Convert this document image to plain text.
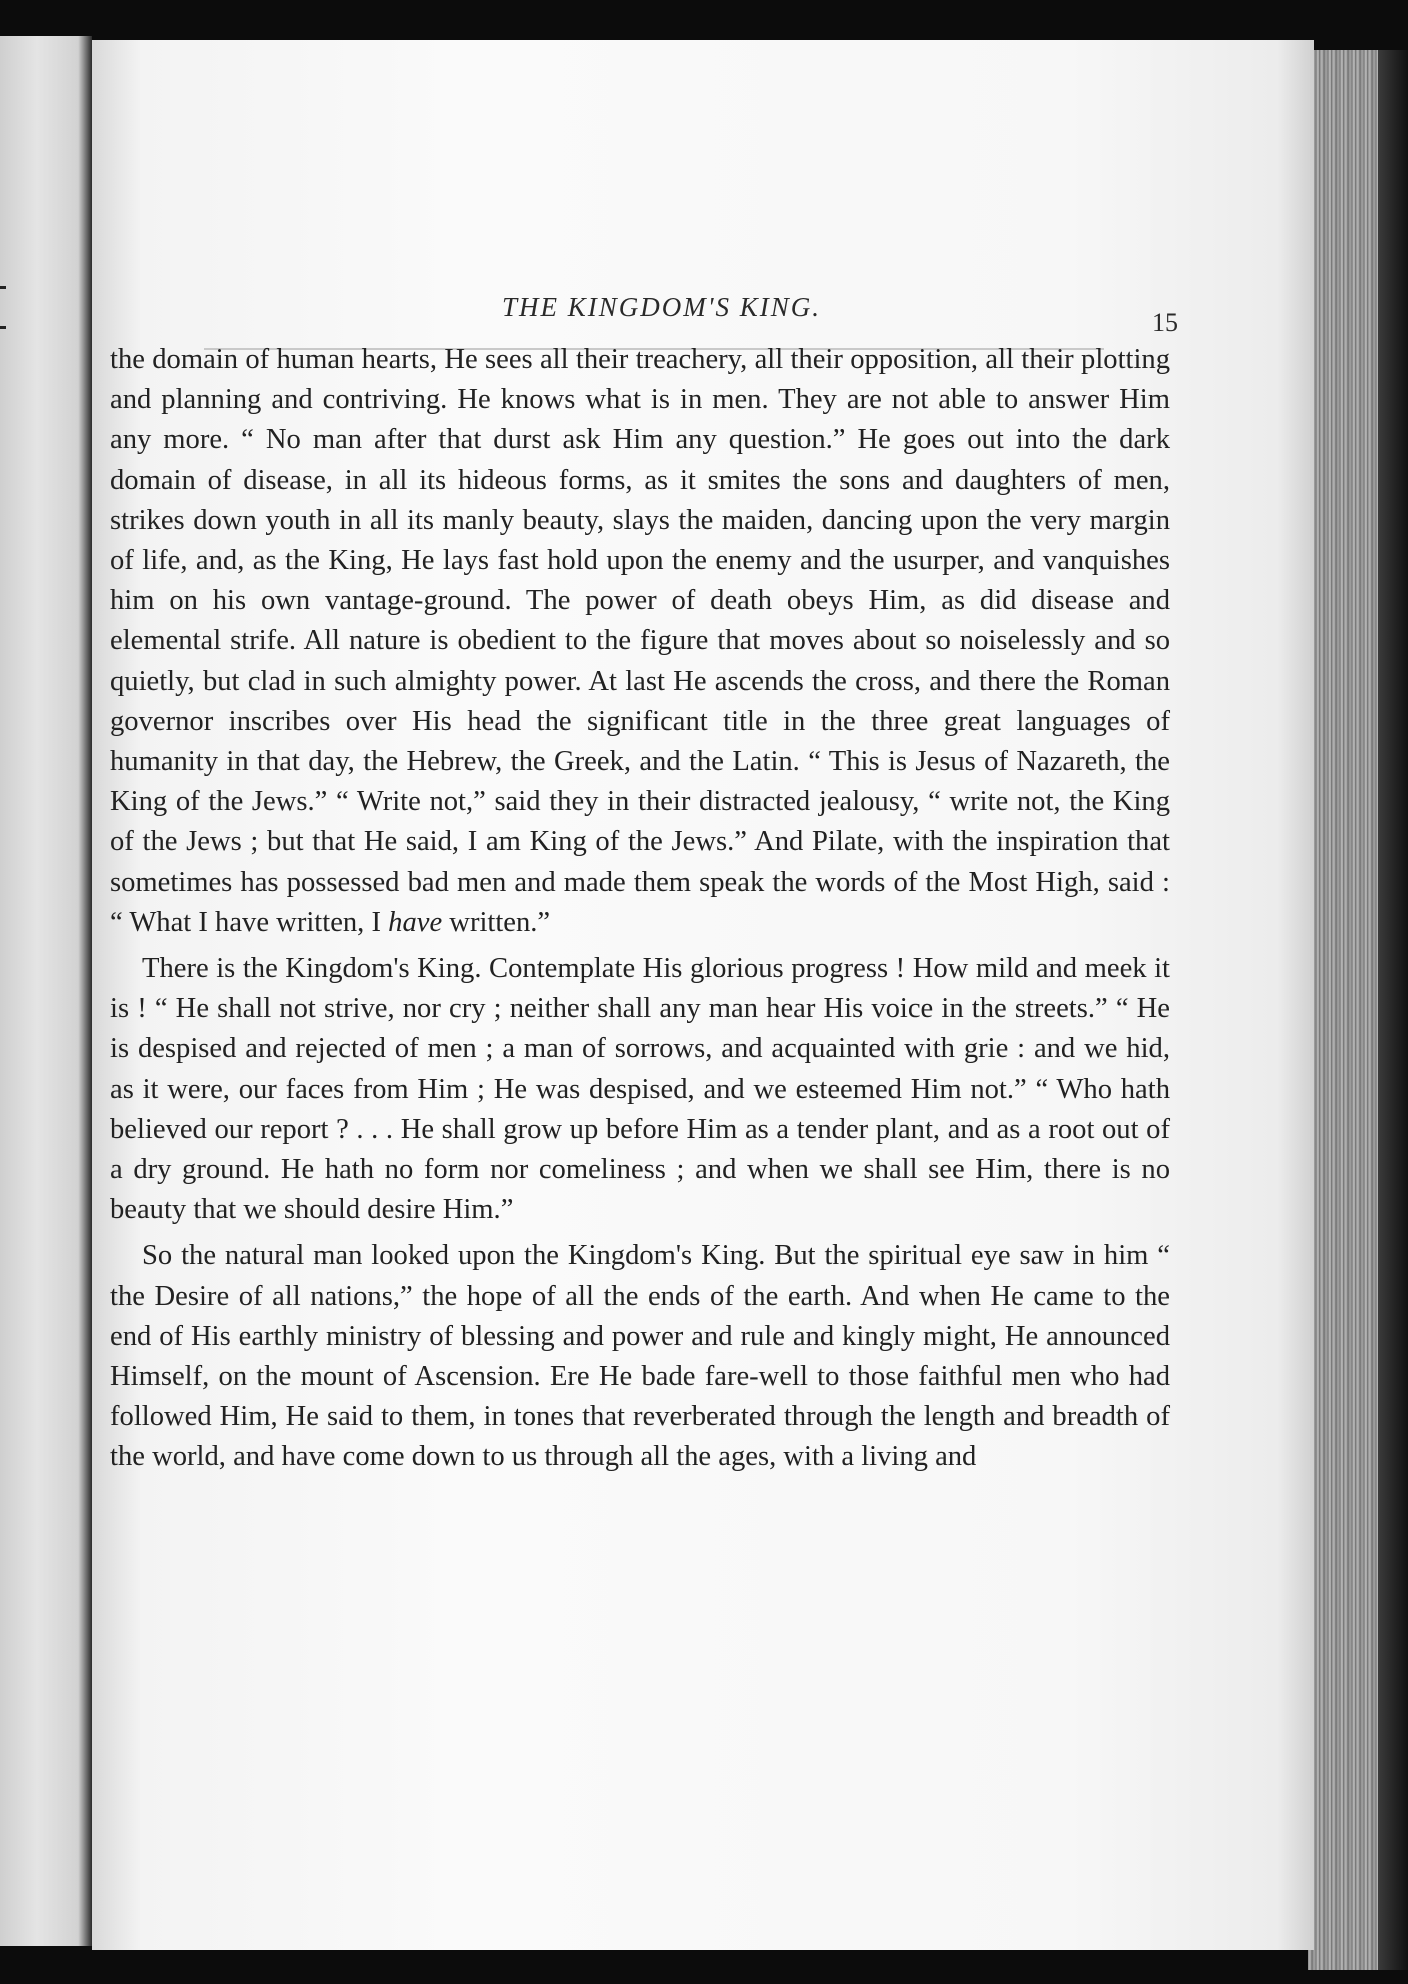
THE KINGDOM'S KING.
15

the domain of human hearts, He sees all their treachery, all their opposition, all their plotting and planning and contriving. He knows what is in men. They are not able to answer Him any more. “ No man after that durst ask Him any question.” He goes out into the dark domain of disease, in all its hideous forms, as it smites the sons and daughters of men, strikes down youth in all its manly beauty, slays the maiden, dancing upon the very margin of life, and, as the King, He lays fast hold upon the enemy and the usurper, and vanquishes him on his own vantage-ground. The power of death obeys Him, as did disease and elemental strife. All nature is obedient to the figure that moves about so noiselessly and so quietly, but clad in such almighty power. At last He ascends the cross, and there the Roman governor inscribes over His head the significant title in the three great languages of humanity in that day, the Hebrew, the Greek, and the Latin. “ This is Jesus of Nazareth, the King of the Jews.” “ Write not,” said they in their distracted jealousy, “ write not, the King of the Jews ; but that He said, I am King of the Jews.” And Pilate, with the inspiration that sometimes has possessed bad men and made them speak the words of the Most High, said : “ What I have written, I have written.”

There is the Kingdom's King. Contemplate His glorious progress ! How mild and meek it is ! “ He shall not strive, nor cry ; neither shall any man hear His voice in the streets.” “ He is despised and rejected of men ; a man of sorrows, and acquainted with grie : and we hid, as it were, our faces from Him ; He was despised, and we esteemed Him not.” “ Who hath believed our report ? . . . He shall grow up before Him as a tender plant, and as a root out of a dry ground. He hath no form nor comeliness ; and when we shall see Him, there is no beauty that we should desire Him.”

So the natural man looked upon the Kingdom's King. But the spiritual eye saw in him “ the Desire of all nations,” the hope of all the ends of the earth. And when He came to the end of His earthly ministry of blessing and power and rule and kingly might, He announced Himself, on the mount of Ascension. Ere He bade fare-well to those faithful men who had followed Him, He said to them, in tones that reverberated through the length and breadth of the world, and have come down to us through all the ages, with a living and
